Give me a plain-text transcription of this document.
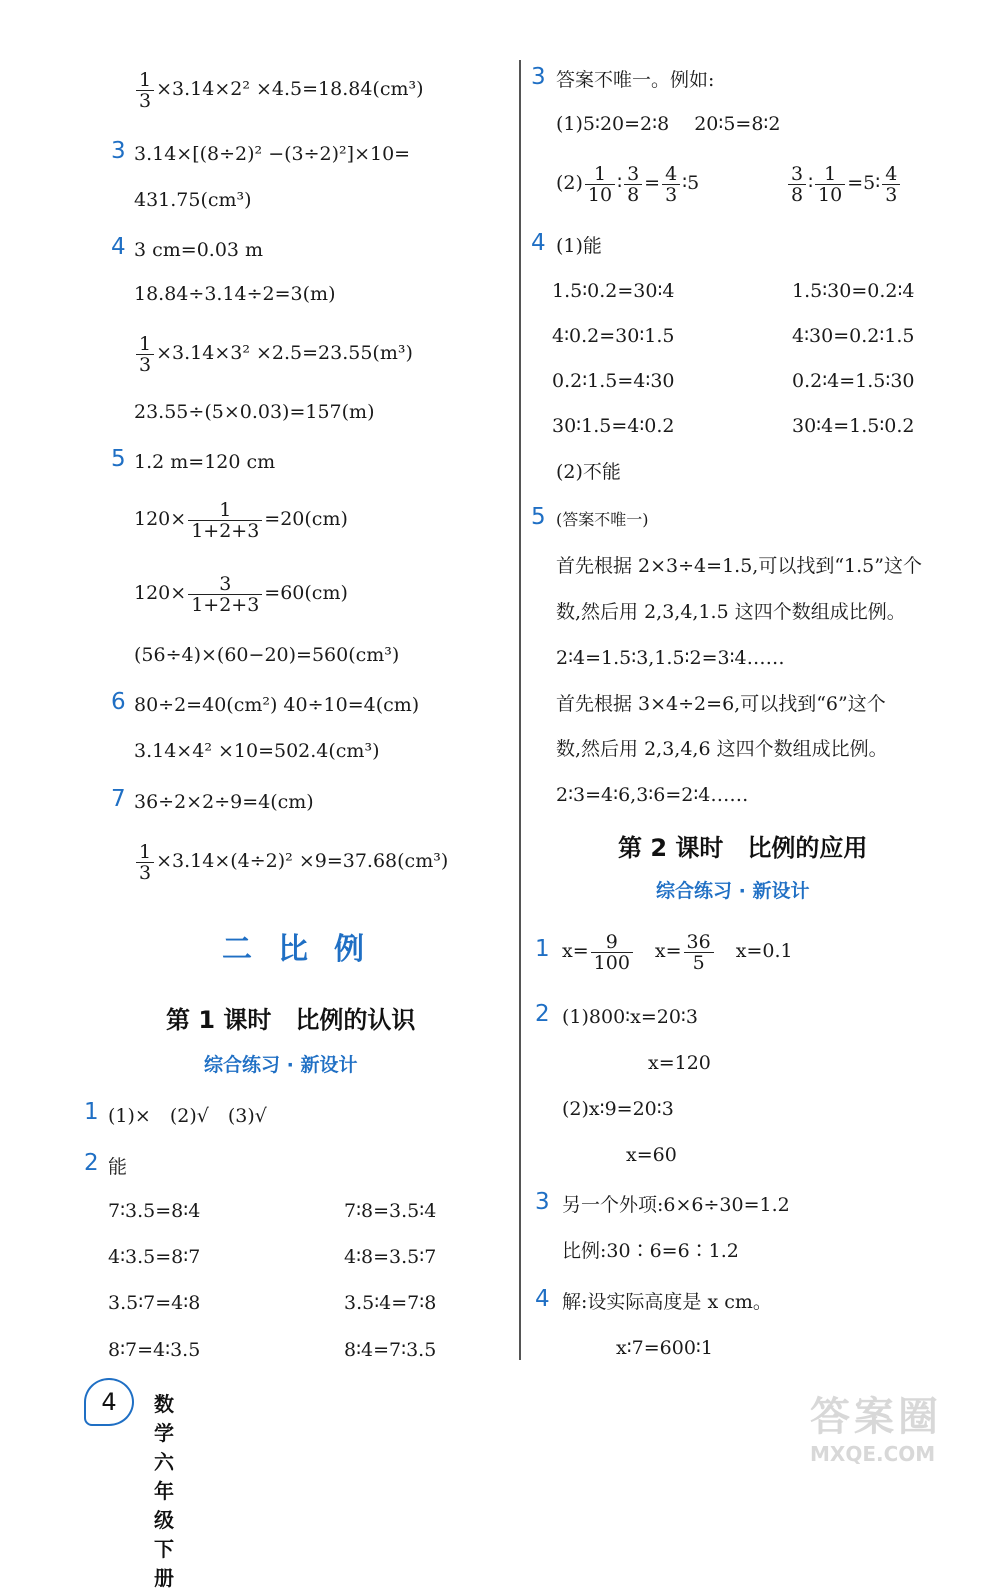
$\frac{1}{3} \times 3.14\times 2^2 \times 4.5=18.84(cm^3)$
3 3.14×[(8÷2)² −(3÷2)²]×10=
431.75(cm³)
4 3 cm=0.03 m
18.84÷3.14÷2=3(m)
$\frac{1}{3} \times 3.14\times 3^2 \times 2.5=23.55(m^3)$
23.55÷(5×0.03)=157(m)
5 1.2 m=120 cm
$120\times \frac{1}{1+2+3} =20(cm)$
$120\times \frac{3}{1+2+3} =60(cm)$
(56÷4)×(60−20)=560(cm³)
6 80÷2=40(cm²) 40÷10=4(cm)
3.14×4² ×10=502.4(cm³)
7 36÷2×2÷9=4(cm)
$\frac{1}{3} \times 3.14\times(4\div 2)^2 \times 9=37.68(cm^3)$
二比例
第 1 课时　比例的认识
综合练习 · 新设计
1 (1)×　(2)√　(3)√
2 能
7∶3.5=8∶4	7∶8=3.5∶4
4∶3.5=8∶7	4∶8=3.5∶7
3.5∶7=4∶8	3.5∶4=7∶8
8∶7=4∶3.5	8∶4=7∶3.5
3 答案不唯一。例如:
(1)5∶20=2∶8　 20∶5=8∶2
$(2) \frac{1}{10}$ ∶ $\frac{3}{8} = \frac{4}{3}$ ∶5	$\frac{3}{8}$ ∶ $\frac{1}{10}$ =5∶ $\frac{4}{3}$
4 (1)能
1.5∶0.2=30∶4	1.5∶30=0.2∶4
4∶0.2=30∶1.5	4∶30=0.2∶1.5
0.2∶1.5=4∶30	0.2∶4=1.5∶30
30∶1.5=4∶0.2	30∶4=1.5∶0.2
(2)不能
5 (答案不唯一)
首先根据 2×3÷4=1.5,可以找到“1.5”这个
数,然后用 2,3,4,1.5 这四个数组成比例。
2∶4=1.5∶3,1.5∶2=3∶4……
首先根据 3×4÷2=6,可以找到“6”这个
数,然后用 2,3,4,6 这四个数组成比例。
2∶3=4∶6,3∶6=2∶4……
第 2 课时　比例的应用
综合练习 · 新设计
1 $x= \frac{9}{100} x= \frac{36}{5} x=0.1$
2 (1)800∶x=20∶3
x=120
(2)x∶9=20∶3
x=60
3 另一个外项:6×6÷30=1.2
比例:30∶6=6∶1.2
4 解:设实际高度是 x cm。
x∶7=600∶1
4	数学 六年级 下册
答案圈
MXQE.COM
